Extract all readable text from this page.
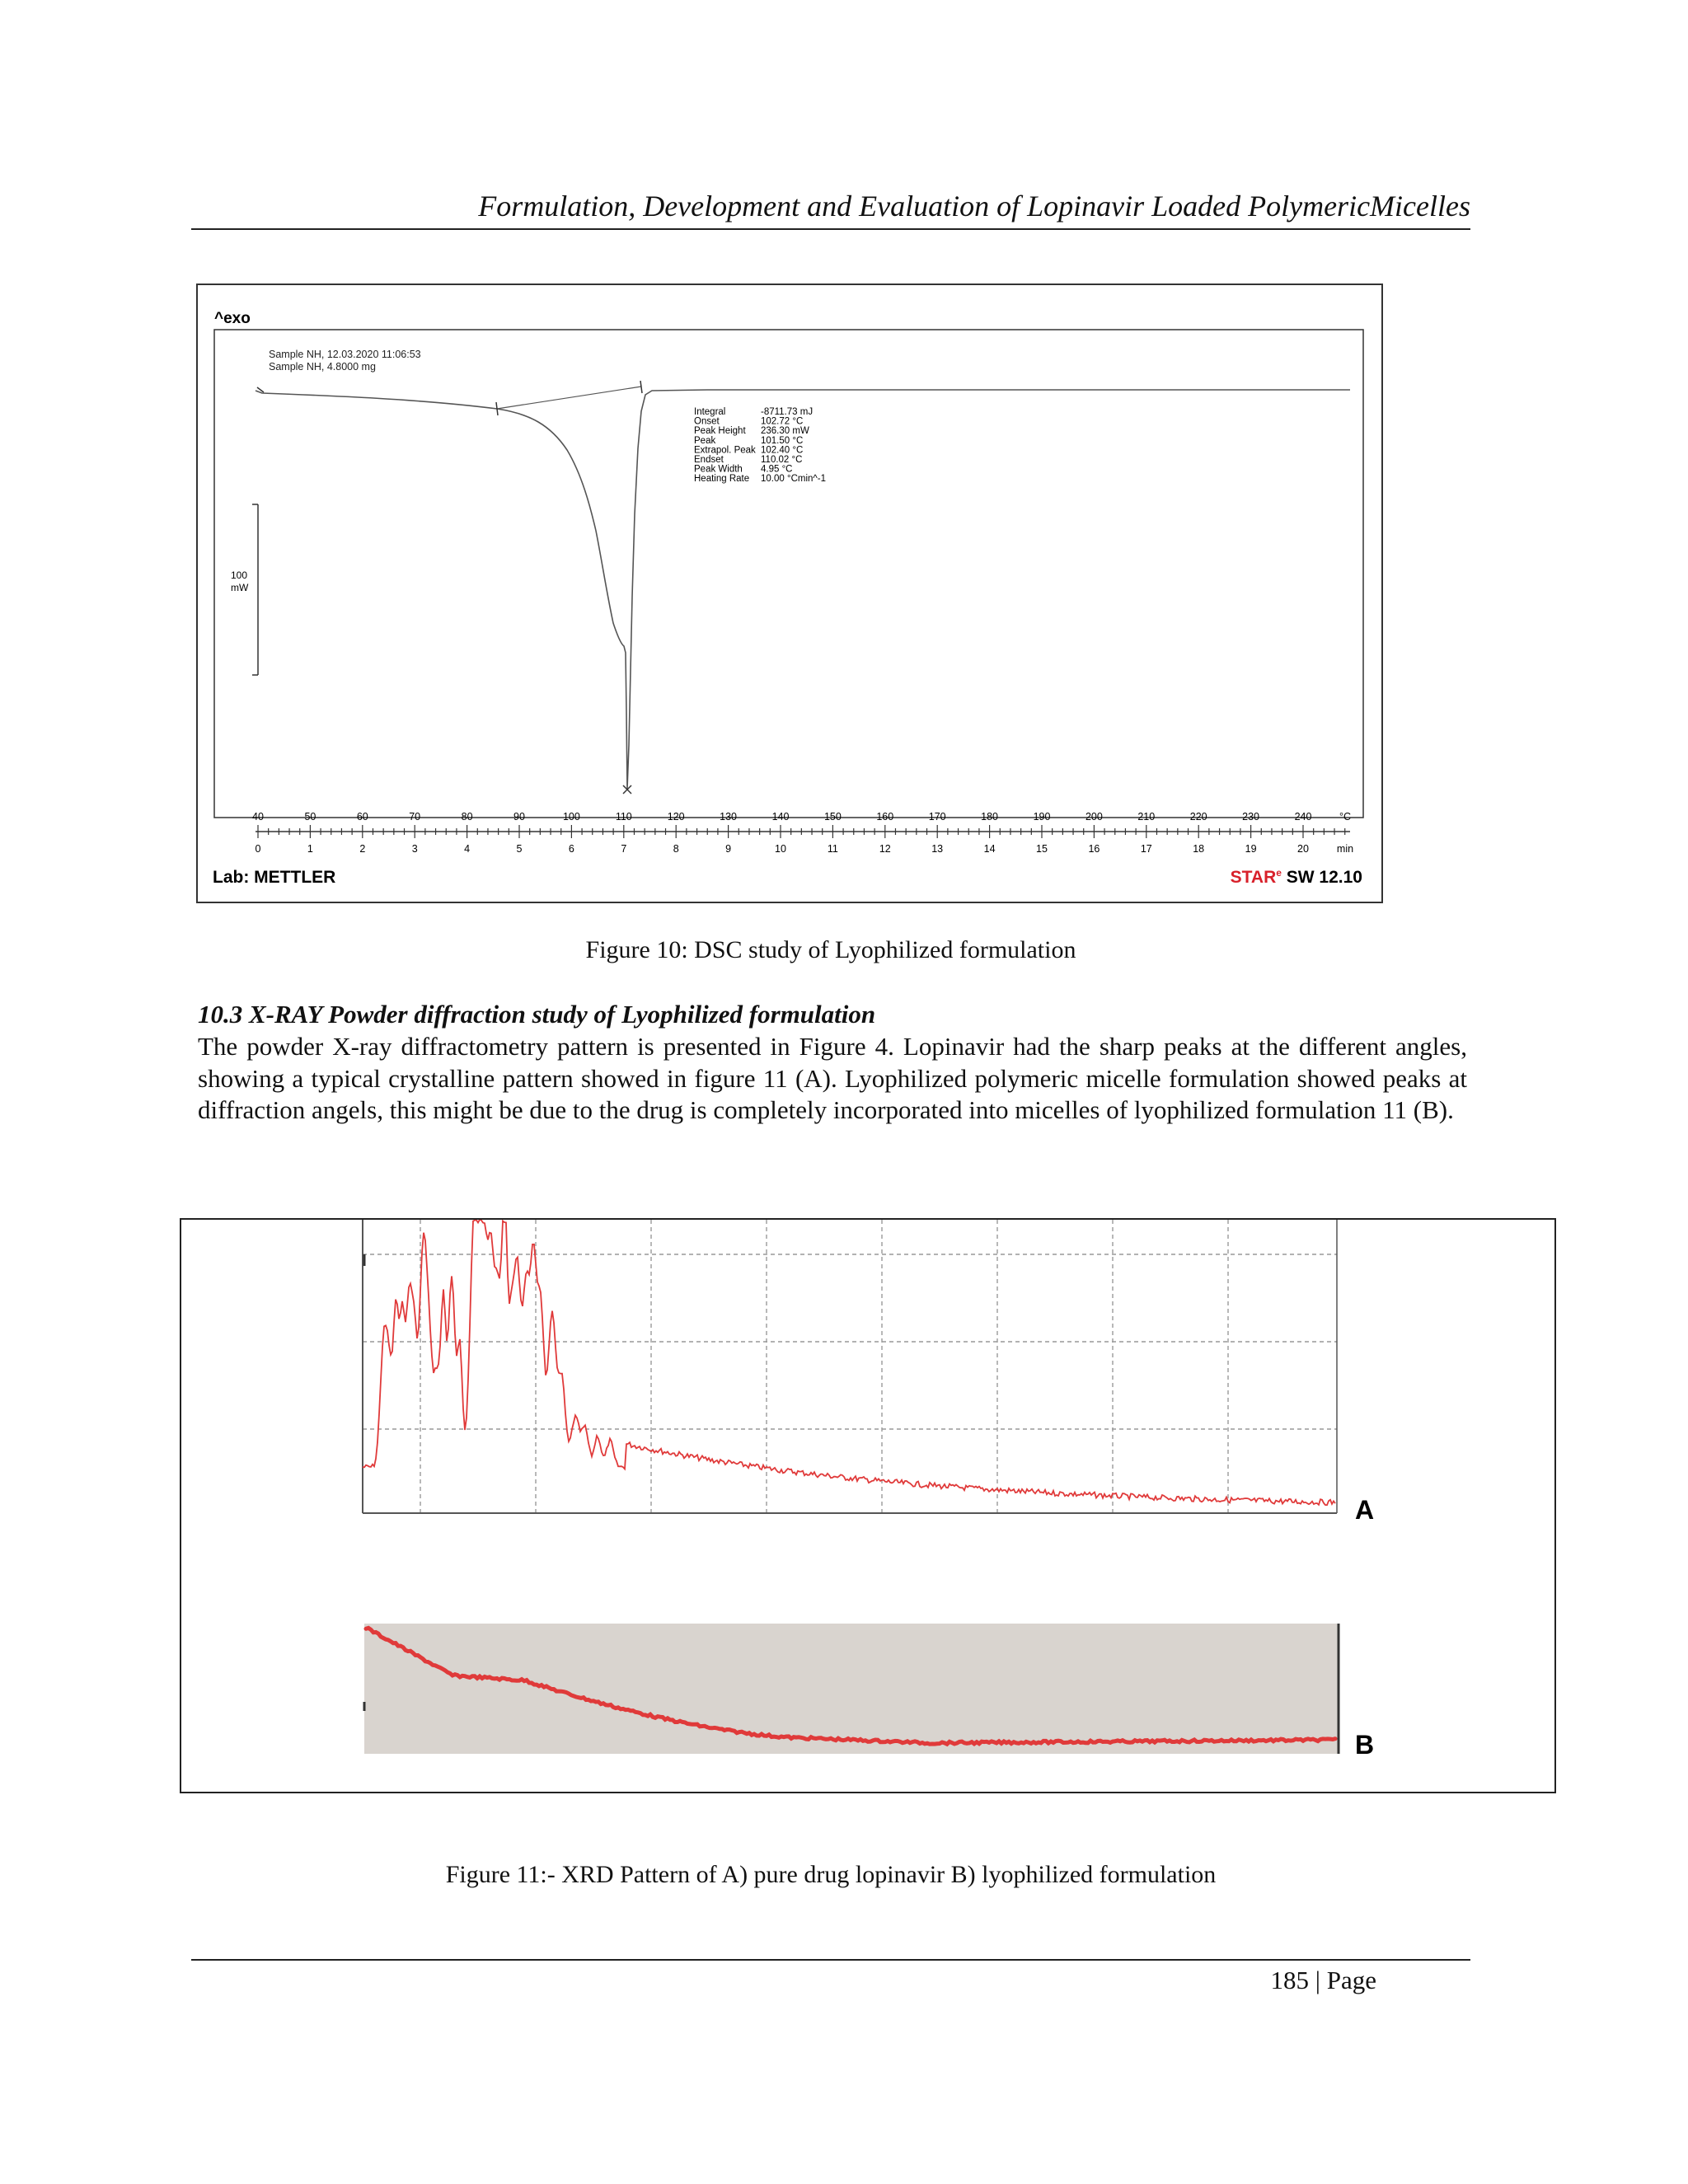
Formulation, Development and Evaluation of Lopinavir Loaded PolymericMicelles
^exo
Sample NH, 12.03.2020 11:06:53
Sample NH, 4.8000 mg
100
mW
Integral	-8711.73 mJ
Onset	102.72 °C
Peak Height 236.30 mW
Peak	101.50 °C
Extrapol. Peak 102.40 °C
Endset	110.02 °C
Peak Width 4.95 °C
Heating Rate 10.00 °Cmin^-1
40	50	60	70	80	90	100	110	120	130	140	150	160	170	180	190	200	210	220	230	240
0	1	2	3	4	5	6	7	8	9	10	11	12	13	14	15	16	17	18	19	20
°C
min
Lab: METTLER	STAR$^e$ SW 12.10
Figure 10: DSC study of Lyophilized formulation
10.3 X-RAY Powder diffraction study of Lyophilized formulation
The powder X-ray diffractometry pattern is presented in Figure 4. Lopinavir had the sharp peaks at the different angles, showing a typical crystalline pattern showed in figure 11 (A). Lyophilized polymeric micelle formulation showed peaks at diffraction angels, this might be due to the drug is completely incorporated into micelles of lyophilized formulation 11 (B).
A
B
Figure 11:- XRD Pattern of A) pure drug lopinavir B) lyophilized formulation
185 | Page
